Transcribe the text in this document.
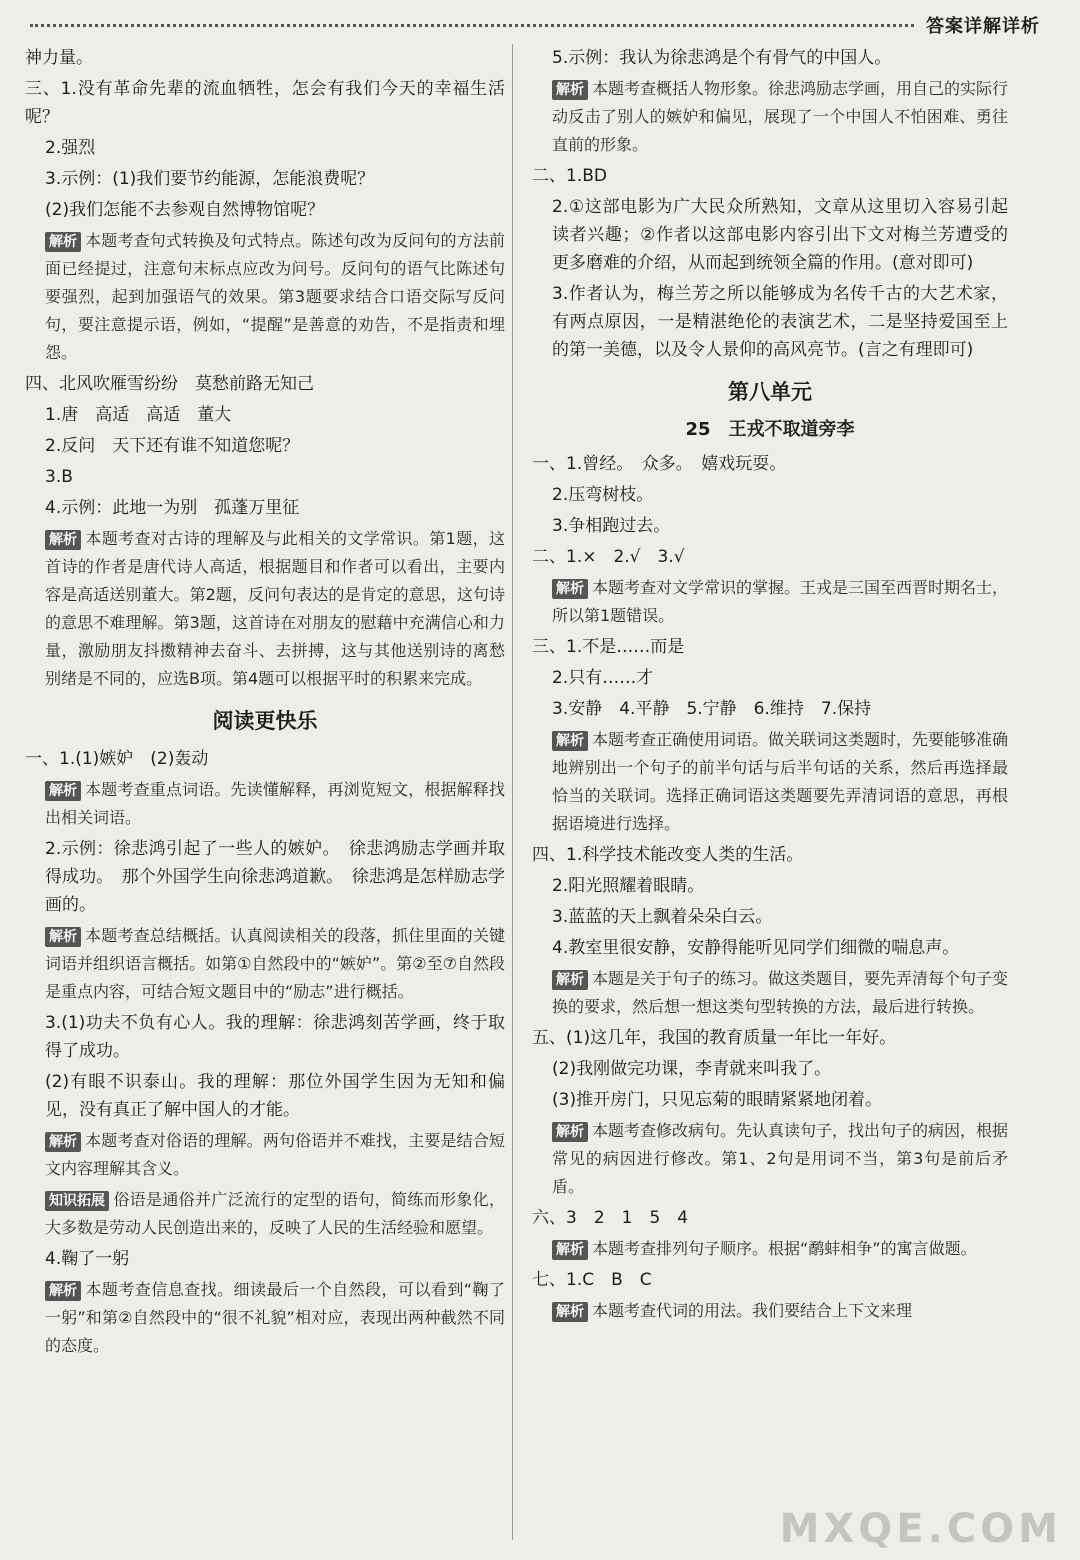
答案详解详析
神力量。
三、1.没有革命先辈的流血牺牲，怎会有我们今天的幸福生活呢？
2.强烈
3.示例：(1)我们要节约能源，怎能浪费呢？
(2)我们怎能不去参观自然博物馆呢？
解析 本题考查句式转换及句式特点。陈述句改为反问句的方法前面已经提过，注意句末标点应改为问号。反问句的语气比陈述句要强烈，起到加强语气的效果。第3题要求结合口语交际写反问句，要注意提示语，例如，“提醒”是善意的劝告，不是指责和埋怨。
四、北风吹雁雪纷纷　莫愁前路无知己
1.唐　高适　高适　董大
2.反问　天下还有谁不知道您呢？
3.B
4.示例：此地一为别　孤蓬万里征
解析 本题考查对古诗的理解及与此相关的文学常识。第1题，这首诗的作者是唐代诗人高适，根据题目和作者可以看出，主要内容是高适送别董大。第2题，反问句表达的是肯定的意思，这句诗的意思不难理解。第3题，这首诗在对朋友的慰藉中充满信心和力量，激励朋友抖擞精神去奋斗、去拼搏，这与其他送别诗的离愁别绪是不同的，应选B项。第4题可以根据平时的积累来完成。
阅读更快乐
一、1.(1)嫉妒　(2)轰动
解析 本题考查重点词语。先读懂解释，再浏览短文，根据解释找出相关词语。
2.示例：徐悲鸿引起了一些人的嫉妒。　徐悲鸿励志学画并取得成功。　那个外国学生向徐悲鸿道歉。　徐悲鸿是怎样励志学画的。
解析 本题考查总结概括。认真阅读相关的段落，抓住里面的关键词语并组织语言概括。如第①自然段中的“嫉妒”。第②至⑦自然段是重点内容，可结合短文题目中的“励志”进行概括。
3.(1)功夫不负有心人。我的理解：徐悲鸿刻苦学画，终于取得了成功。
(2)有眼不识泰山。我的理解：那位外国学生因为无知和偏见，没有真正了解中国人的才能。
解析 本题考查对俗语的理解。两句俗语并不难找，主要是结合短文内容理解其含义。
知识拓展 俗语是通俗并广泛流行的定型的语句，简练而形象化，大多数是劳动人民创造出来的，反映了人民的生活经验和愿望。
4.鞠了一躬
解析 本题考查信息查找。细读最后一个自然段，可以看到“鞠了一躬”和第②自然段中的“很不礼貌”相对应，表现出两种截然不同的态度。
5.示例：我认为徐悲鸿是个有骨气的中国人。
解析 本题考查概括人物形象。徐悲鸿励志学画，用自己的实际行动反击了别人的嫉妒和偏见，展现了一个中国人不怕困难、勇往直前的形象。
二、1.BD
2.①这部电影为广大民众所熟知，文章从这里切入容易引起读者兴趣；②作者以这部电影内容引出下文对梅兰芳遭受的更多磨难的介绍，从而起到统领全篇的作用。(意对即可)
3.作者认为，梅兰芳之所以能够成为名传千古的大艺术家，有两点原因，一是精湛绝伦的表演艺术，二是坚持爱国至上的第一美德，以及令人景仰的高风亮节。(言之有理即可)
第八单元
25　王戎不取道旁李
一、1.曾经。　众多。　嬉戏玩耍。
2.压弯树枝。
3.争相跑过去。
二、1.×　2.√　3.√
解析 本题考查对文学常识的掌握。王戎是三国至西晋时期名士，所以第1题错误。
三、1.不是……而是
2.只有……才
3.安静　4.平静　5.宁静　6.维持　7.保持
解析 本题考查正确使用词语。做关联词这类题时，先要能够准确地辨别出一个句子的前半句话与后半句话的关系，然后再选择最恰当的关联词。选择正确词语这类题要先弄清词语的意思，再根据语境进行选择。
四、1.科学技术能改变人类的生活。
2.阳光照耀着眼睛。
3.蓝蓝的天上飘着朵朵白云。
4.教室里很安静，安静得能听见同学们细微的喘息声。
解析 本题是关于句子的练习。做这类题目，要先弄清每个句子变换的要求，然后想一想这类句型转换的方法，最后进行转换。
五、(1)这几年，我国的教育质量一年比一年好。
(2)我刚做完功课，李青就来叫我了。
(3)推开房门，只见忘菊的眼睛紧紧地闭着。
解析 本题考查修改病句。先认真读句子，找出句子的病因，根据常见的病因进行修改。第1、2句是用词不当，第3句是前后矛盾。
六、3　2　1　5　4
解析 本题考查排列句子顺序。根据“鹬蚌相争”的寓言做题。
七、1.C　B　C
解析 本题考查代词的用法。我们要结合上下文来理
MXQE.COM
